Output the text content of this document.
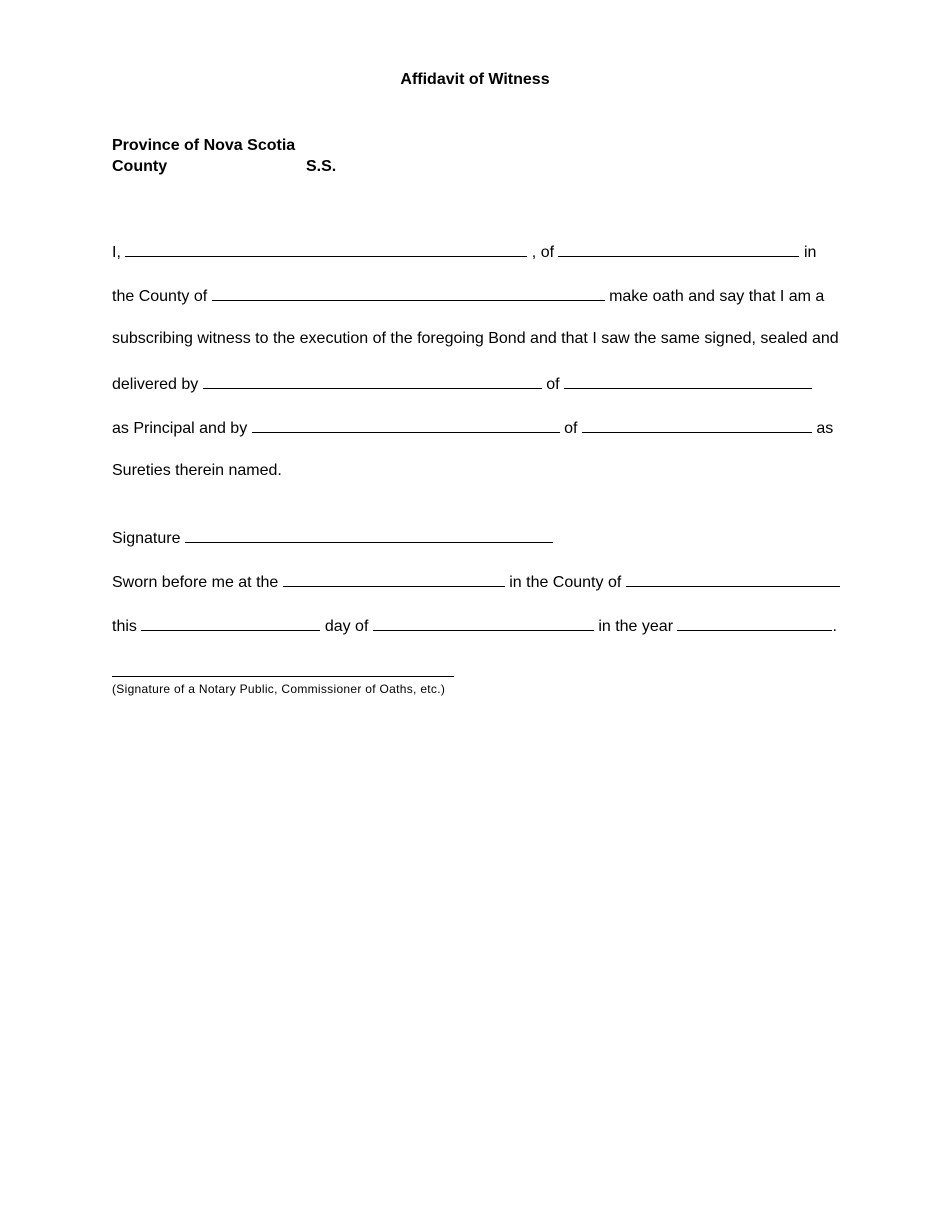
Affidavit of Witness
Province of Nova Scotia
County	S.S.
I,	, of	in
the County of	make oath and say that I am a
subscribing witness to the execution of the foregoing Bond and that I saw the same signed, sealed and
delivered by	of
as Principal and by	of	as
Sureties therein named.
Signature
Sworn before me at the	in the County of
this	day of	in the year	.
(Signature of a Notary Public, Commissioner of Oaths, etc.)
